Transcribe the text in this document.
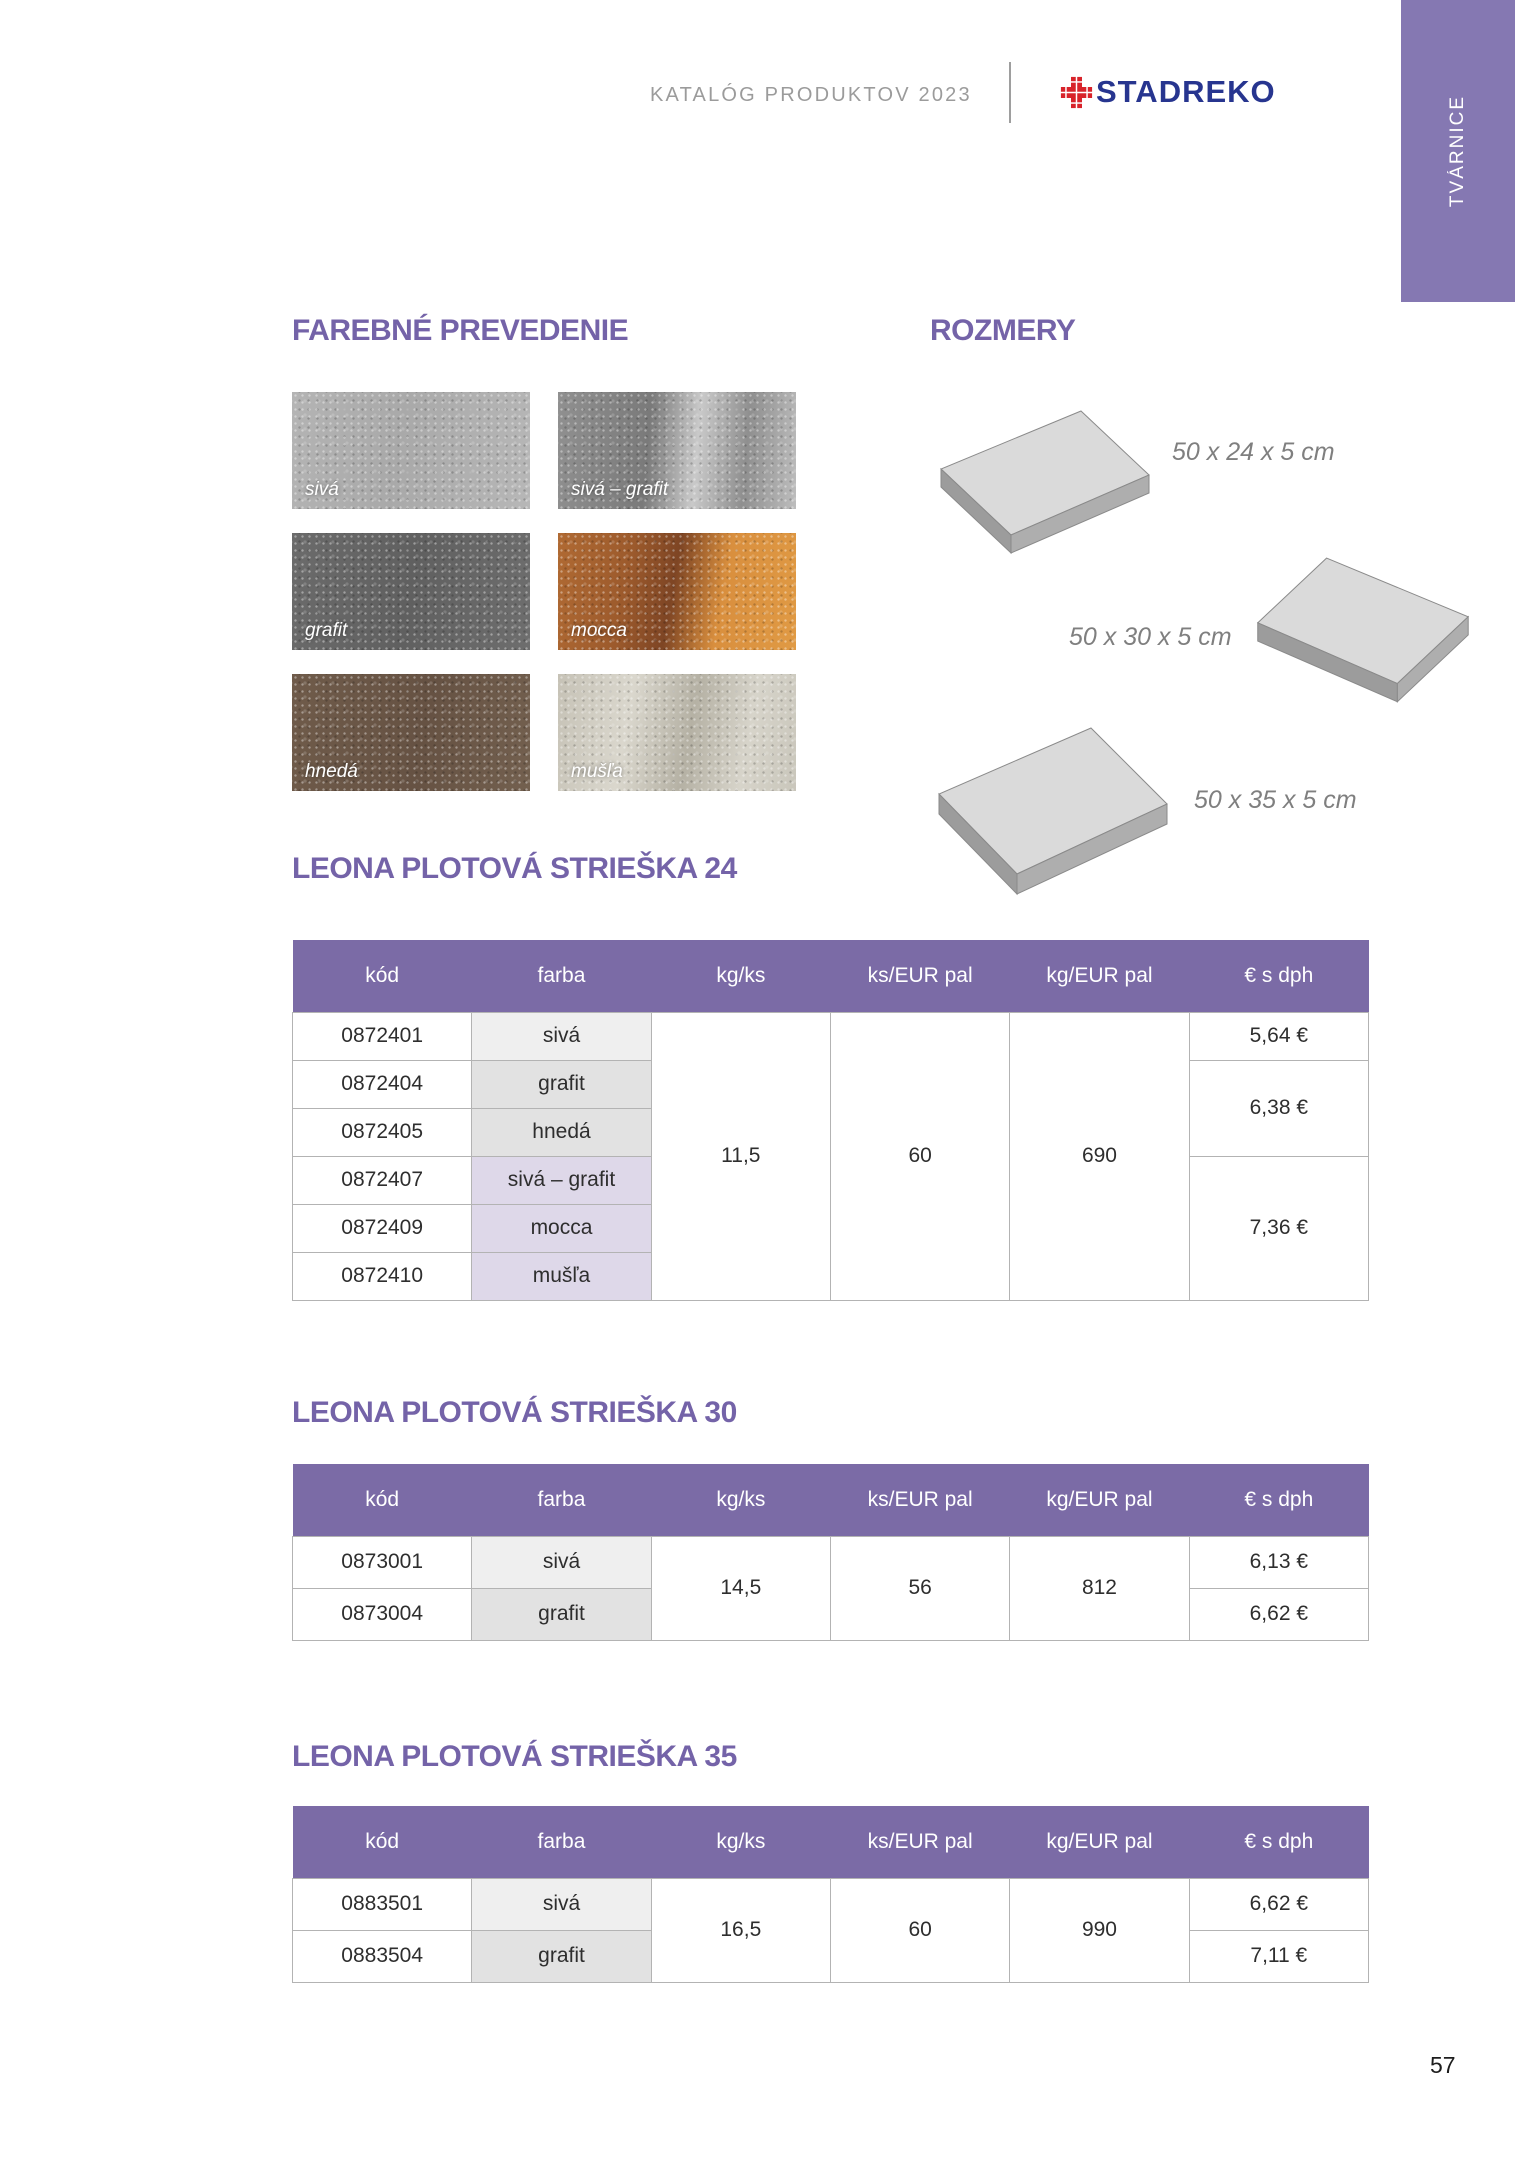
KATALÓG PRODUKTOV 2023	STADREKO
TVÁRNICE
FAREBNÉ PREVEDENIE
sivá	sivá – grafit
grafit	mocca
hnedá	mušľa
ROZMERY
50 x 24 x 5 cm
50 x 30 x 5 cm
50 x 35 x 5 cm
LEONA PLOTOVÁ STRIEŠKA 24
kód	farba	kg/ks	ks/EUR pal	kg/EUR pal	€ s dph
0872401	sivá	11,5	60	690	5,64 €
0872404	grafit				6,38 €
0872405	hnedá				
0872407	sivá – grafit				7,36 €
0872409	mocca				
0872410	mušľa				
LEONA PLOTOVÁ STRIEŠKA 30
kód	farba	kg/ks	ks/EUR pal	kg/EUR pal	€ s dph
0873001	sivá	14,5	56	812	6,13 €
0873004	grafit				6,62 €
LEONA PLOTOVÁ STRIEŠKA 35
kód	farba	kg/ks	ks/EUR pal	kg/EUR pal	€ s dph
0883501	sivá	16,5	60	990	6,62 €
0883504	grafit				7,11 €
57
